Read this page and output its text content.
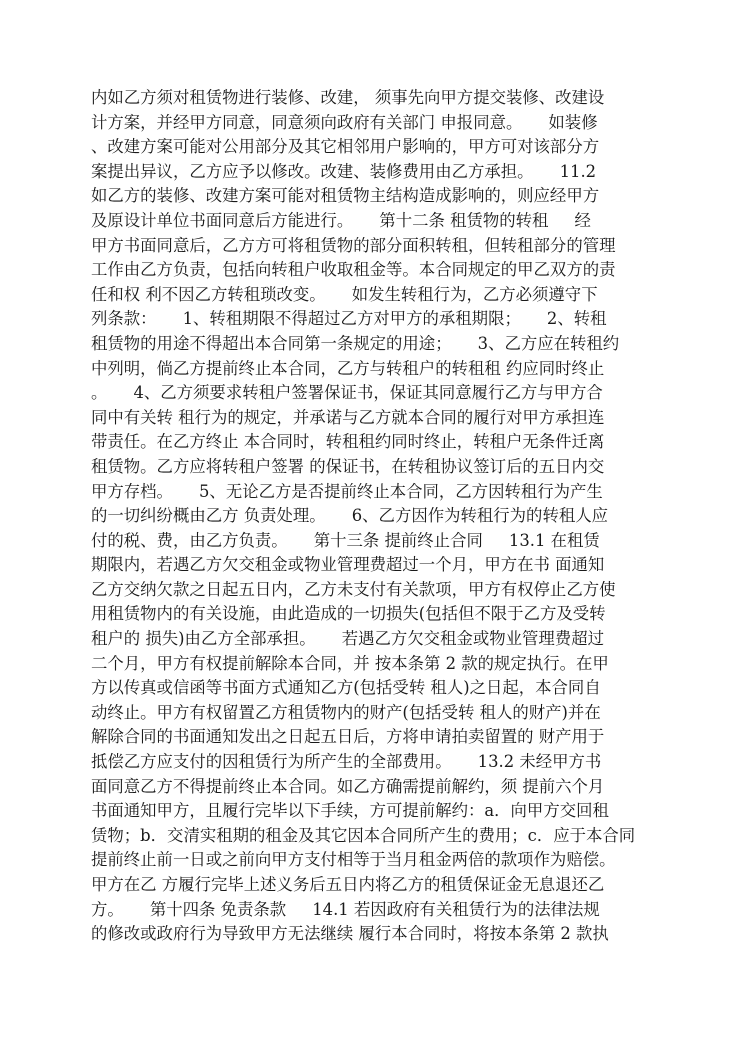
内如乙方须对租赁物进行装修、改建， 须事先向甲方提交装修、改建设
计方案，并经甲方同意，同意须向政府有关部门 申报同意。     如装修
、改建方案可能对公用部分及其它相邻用户影响的，甲方可对该部分方
案提出异议，乙方应予以修改。改建、装修费用由乙方承担。     11.2
如乙方的装修、改建方案可能对租赁物主结构造成影响的，则应经甲方
及原设计单位书面同意后方能进行。     第十二条 租赁物的转租     经
甲方书面同意后，乙方方可将租赁物的部分面积转租，但转租部分的管理
工作由乙方负责，包括向转租户收取租金等。本合同规定的甲乙双方的责
任和权 利不因乙方转租琐改变。     如发生转租行为，乙方必须遵守下
列条款：     1、转租期限不得超过乙方对甲方的承租期限；     2、转租
租赁物的用途不得超出本合同第一条规定的用途；     3、乙方应在转租约
中列明，倘乙方提前终止本合同，乙方与转租户的转租租 约应同时终止
。     4、乙方须要求转租户签署保证书，保证其同意履行乙方与甲方合
同中有关转 租行为的规定，并承诺与乙方就本合同的履行对甲方承担连
带责任。在乙方终止 本合同时，转租租约同时终止，转租户无条件迁离
租赁物。乙方应将转租户签署 的保证书，在转租协议签订后的五日内交
甲方存档。     5、无论乙方是否提前终止本合同，乙方因转租行为产生
的一切纠纷概由乙方 负责处理。     6、乙方因作为转租行为的转租人应
付的税、费，由乙方负责。     第十三条 提前终止合同     13.1 在租赁
期限内，若遇乙方欠交租金或物业管理费超过一个月，甲方在书 面通知
乙方交纳欠款之日起五日内，乙方未支付有关款项，甲方有权停止乙方使
用租赁物内的有关设施，由此造成的一切损失(包括但不限于乙方及受转
租户的 损失)由乙方全部承担。     若遇乙方欠交租金或物业管理费超过
二个月，甲方有权提前解除本合同，并 按本条第 2 款的规定执行。在甲
方以传真或信函等书面方式通知乙方(包括受转 租人)之日起，本合同自
动终止。甲方有权留置乙方租赁物内的财产(包括受转 租人的财产)并在
解除合同的书面通知发出之日起五日后，方将申请拍卖留置的 财产用于
抵偿乙方应支付的因租赁行为所产生的全部费用。     13.2 未经甲方书
面同意乙方不得提前终止本合同。如乙方确需提前解约，须 提前六个月
书面通知甲方，且履行完毕以下手续，方可提前解约：a．向甲方交回租
赁物；b．交清实租期的租金及其它因本合同所产生的费用；c．应于本合同
提前终止前一日或之前向甲方支付相等于当月租金两倍的款项作为赔偿。
甲方在乙 方履行完毕上述义务后五日内将乙方的租赁保证金无息退还乙
方。     第十四条 免责条款     14.1 若因政府有关租赁行为的法律法规
的修改或政府行为导致甲方无法继续 履行本合同时，将按本条第 2 款执
